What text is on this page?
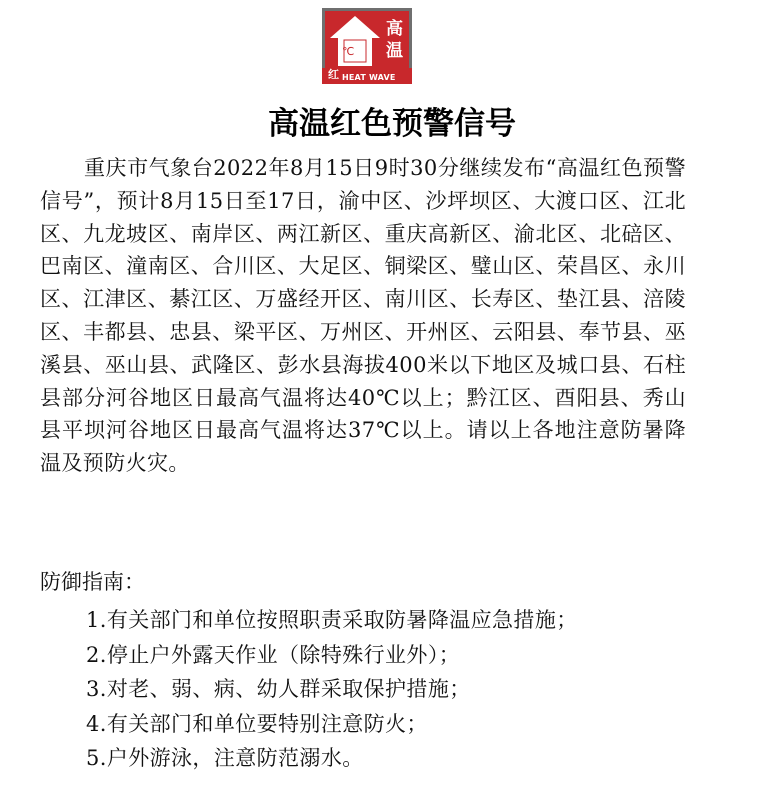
℃
高
温
红 HEAT WAVE
高温红色预警信号
重庆市气象台2022年8月15日9时30分继续发布“高温红色预警信号”，预计8月15日至17日，渝中区、沙坪坝区、大渡口区、江北区、九龙坡区、南岸区、两江新区、重庆高新区、渝北区、北碚区、巴南区、潼南区、合川区、大足区、铜梁区、璧山区、荣昌区、永川区、江津区、綦江区、万盛经开区、南川区、长寿区、垫江县、涪陵区、丰都县、忠县、梁平区、万州区、开州区、云阳县、奉节县、巫溪县、巫山县、武隆区、彭水县海拔400米以下地区及城口县、石柱县部分河谷地区日最高气温将达40℃以上；黔江区、酉阳县、秀山县平坝河谷地区日最高气温将达37℃以上。请以上各地注意防暑降温及预防火灾。
防御指南：
1.有关部门和单位按照职责采取防暑降温应急措施；
2.停止户外露天作业（除特殊行业外）；
3.对老、弱、病、幼人群采取保护措施；
4.有关部门和单位要特别注意防火；
5.户外游泳，注意防范溺水。
